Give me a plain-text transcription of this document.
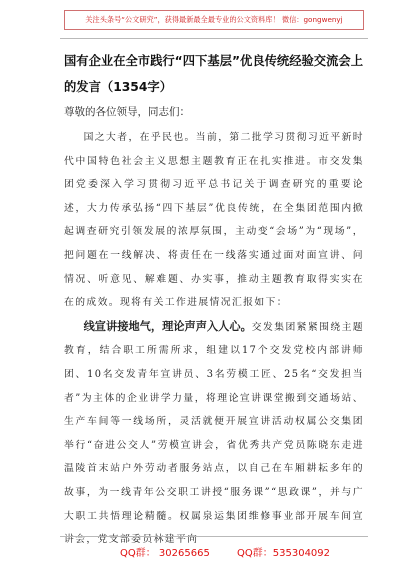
关注头条号“公文研究”，获得最新最全最专业的公文资料库！ 微信：gongwenyj
国有企业在全市践行“四下基层”优良传统经验交流会上的发言（1354字）
尊敬的各位领导，同志们：

国之大者，在乎民也。当前，第二批学习贯彻习近平新时代中国特色社会主义思想主题教育正在扎实推进。市交发集团党委深入学习贯彻习近平总书记关于调查研究的重要论述，大力传承弘扬“四下基层”优良传统，在全集团范围内掀起调查研究引领发展的浓厚氛围，主动变“会场”为“现场”，把问题在一线解决、将责任在一线落实通过面对面宣讲、问情况、听意见、解难题、办实事，推动主题教育取得实实在在的成效。现将有关工作进展情况汇报如下：

线宣讲接地气，理论声声入人心。交发集团紧紧围绕主题教育，结合职工所需所求，组建以17个交发党校内部讲师团、10名交发青年宣讲员、3名劳模工匠、25名“交发担当者”为主体的企业讲学力量，将理论宣讲课堂搬到交通场站、生产车间等一线场所，灵活就便开展宣讲活动权属公交集团举行“奋进公交人”劳模宣讲会，省优秀共产党员陈晓东走进温陵首末站户外劳动者服务站点，以自己在车厢耕耘多年的故事，为一线青年公交职工讲授“服务课”“思政课”，并与广大职工共悟理论精髓。权属泉运集团维修事业部开展车间宣讲会，党支部委员林建平向

QQ群： 30265665	QQ群：535304092
